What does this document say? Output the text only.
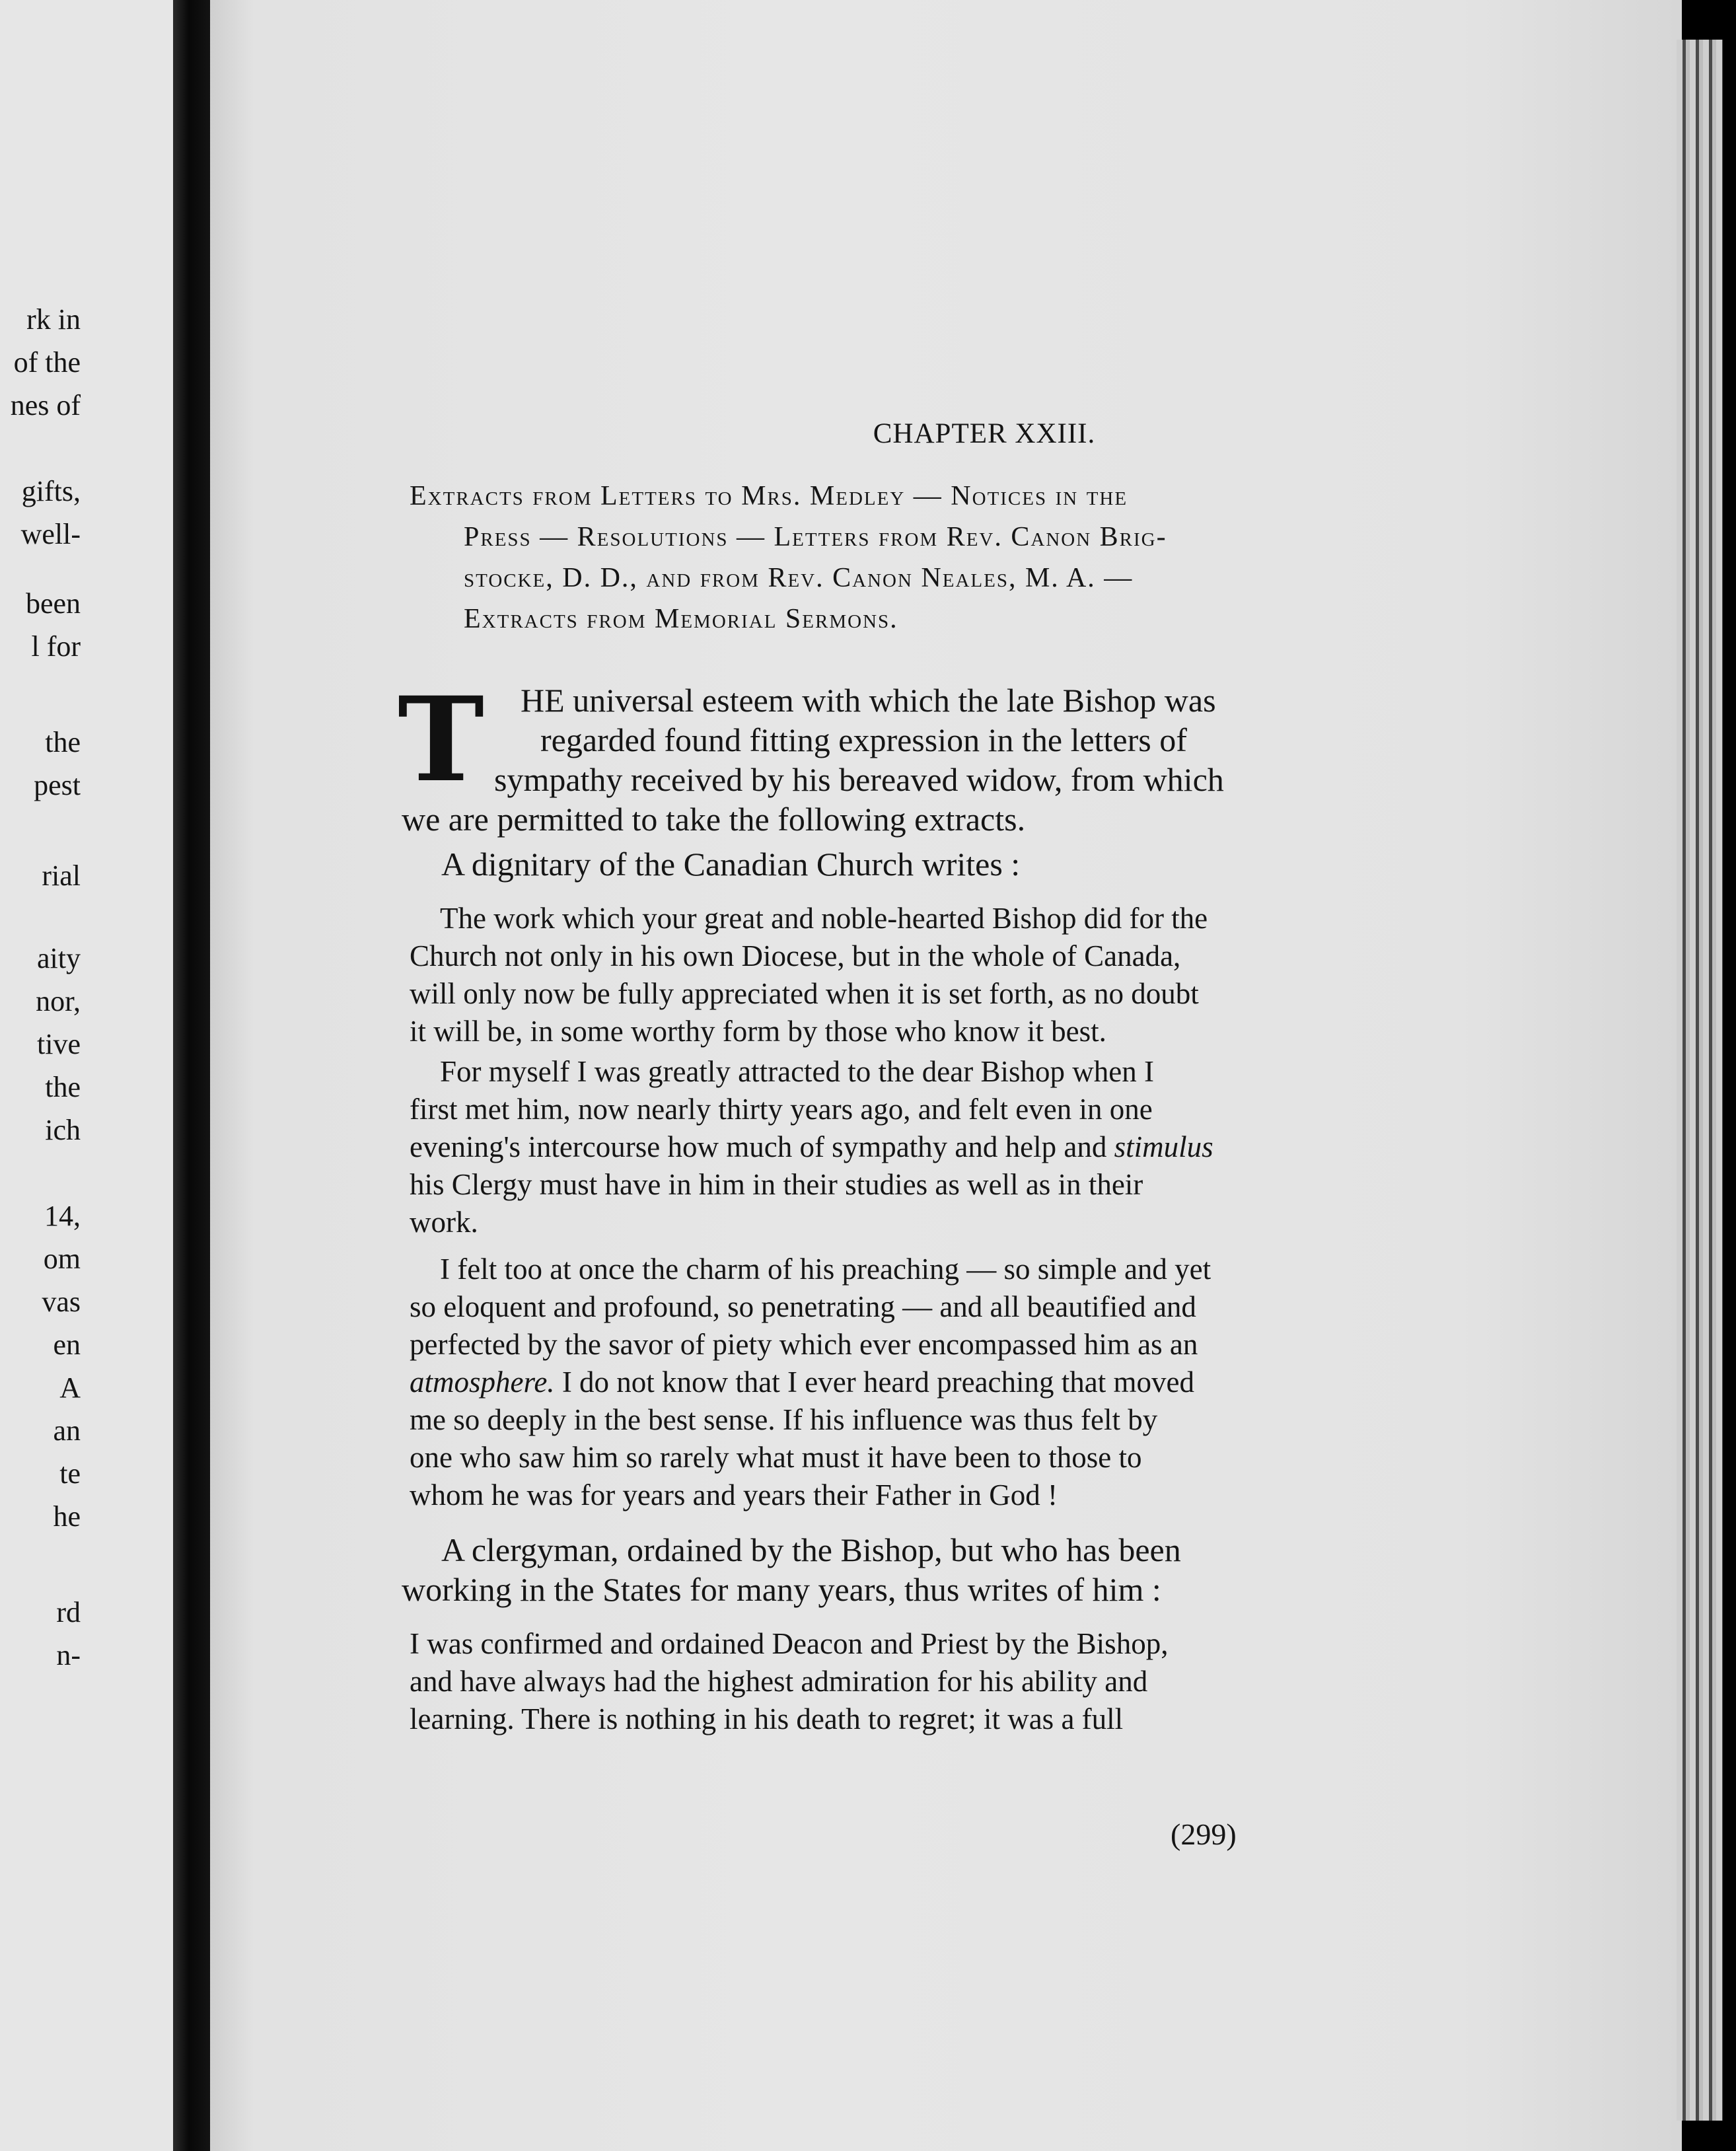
rk in
of the
nes of
gifts,
well-
been
l for
the
pest
rial
aity
nor,
tive
the
ich
14,
om
vas
en
A
an
te
he
rd
n-
CHAPTER XXIII.
Extracts from Letters to Mrs. Medley — Notices in the
Press — Resolutions — Letters from Rev. Canon Brig-
stocke, D. D., and from Rev. Canon Neales, M. A. —
Extracts from Memorial Sermons.
T	HE universal esteem with which the late Bishop was
regarded found fitting expression in the letters of
sympathy received by his bereaved widow, from which
we are permitted to take the following extracts.
A dignitary of the Canadian Church writes :
The work which your great and noble-hearted Bishop did for the
Church not only in his own Diocese, but in the whole of Canada,
will only now be fully appreciated when it is set forth, as no doubt
it will be, in some worthy form by those who know it best.
For myself I was greatly attracted to the dear Bishop when I
first met him, now nearly thirty years ago, and felt even in one
evening's intercourse how much of sympathy and help and stimulus
his Clergy must have in him in their studies as well as in their
work.
I felt too at once the charm of his preaching — so simple and yet
so eloquent and profound, so penetrating — and all beautified and
perfected by the savor of piety which ever encompassed him as an
atmosphere. I do not know that I ever heard preaching that moved
me so deeply in the best sense. If his influence was thus felt by
one who saw him so rarely what must it have been to those to
whom he was for years and years their Father in God !
A clergyman, ordained by the Bishop, but who has been
working in the States for many years, thus writes of him :
I was confirmed and ordained Deacon and Priest by the Bishop,
and have always had the highest admiration for his ability and
learning. There is nothing in his death to regret; it was a full
(299)
